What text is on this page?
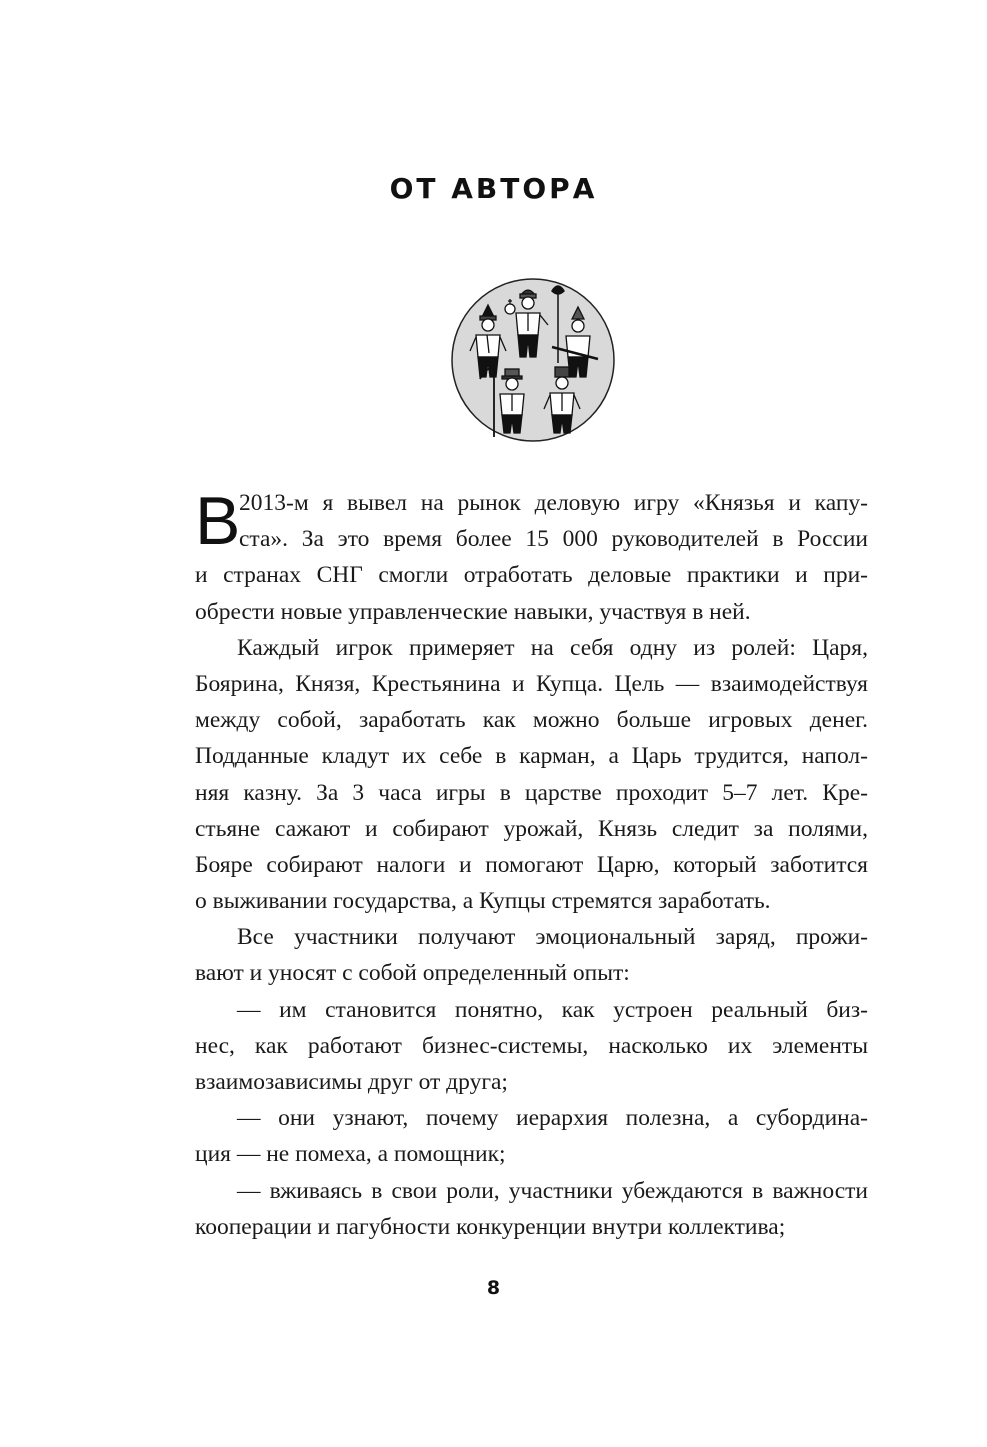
ОТ АВТОРА
В
2013-м я вывел на рынок деловую игру «Князья и капу-
ста». За это время более 15 000 руководителей в России
и странах СНГ смогли отработать деловые практики и при-
обрести новые управленческие навыки, участвуя в ней.
Каждый игрок примеряет на себя одну из ролей: Царя,
Боярина, Князя, Крестьянина и Купца. Цель — взаимодействуя
между собой, заработать как можно больше игровых денег.
Подданные кладут их себе в карман, а Царь трудится, напол-
няя казну. За 3 часа игры в царстве проходит 5–7 лет. Кре-
стьяне сажают и собирают урожай, Князь следит за полями,
Бояре собирают налоги и помогают Царю, который заботится
о выживании государства, а Купцы стремятся заработать.
Все участники получают эмоциональный заряд, прожи-
вают и уносят с собой определенный опыт:
— им становится понятно, как устроен реальный биз-
нес, как работают бизнес-системы, насколько их элементы
взаимозависимы друг от друга;
— они узнают, почему иерархия полезна, а субордина-
ция — не помеха, а помощник;
— вживаясь в свои роли, участники убеждаются в важности
кооперации и пагубности конкуренции внутри коллектива;
8
